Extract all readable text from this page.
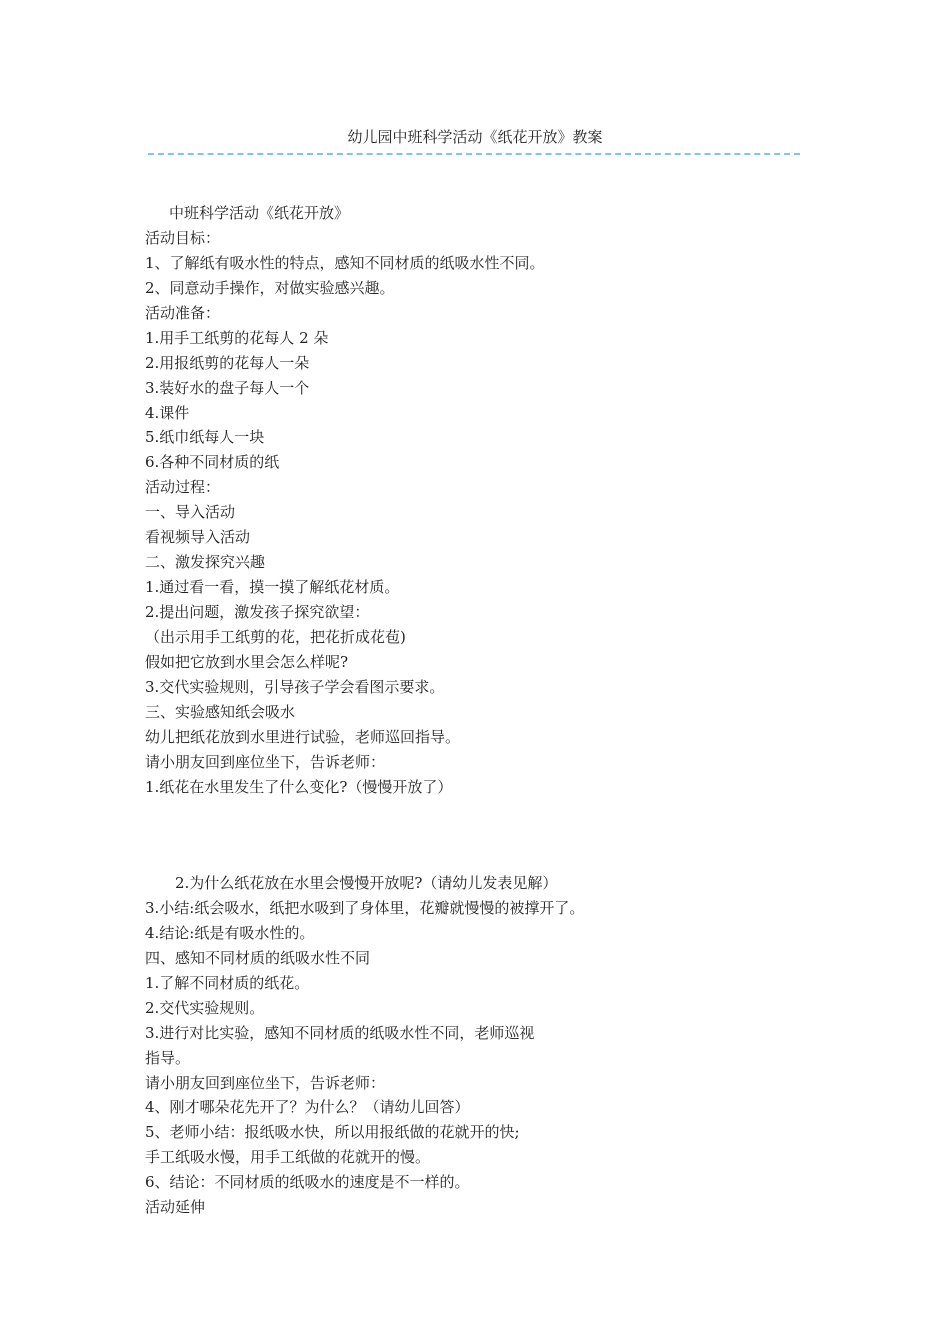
幼儿园中班科学活动《纸花开放》教案
中班科学活动《纸花开放》
活动目标：
1、了解纸有吸水性的特点，感知不同材质的纸吸水性不同。
2、同意动手操作，对做实验感兴趣。
活动准备：
1.用手工纸剪的花每人 2 朵
2.用报纸剪的花每人一朵
3.装好水的盘子每人一个
4.课件
5.纸巾纸每人一块
6.各种不同材质的纸
活动过程：
一、导入活动
看视频导入活动
二、激发探究兴趣
1.通过看一看，摸一摸了解纸花材质。
2.提出问题，激发孩子探究欲望：
（出示用手工纸剪的花，把花折成花苞)
假如把它放到水里会怎么样呢?
3.交代实验规则，引导孩子学会看图示要求。
三、实验感知纸会吸水
幼儿把纸花放到水里进行试验，老师巡回指导。
请小朋友回到座位坐下，告诉老师：
1.纸花在水里发生了什么变化?（慢慢开放了）
2.为什么纸花放在水里会慢慢开放呢?（请幼儿发表见解）
3.小结:纸会吸水，纸把水吸到了身体里，花瓣就慢慢的被撑开了。
4.结论:纸是有吸水性的。
四、感知不同材质的纸吸水性不同
1.了解不同材质的纸花。
2.交代实验规则。
3.进行对比实验，感知不同材质的纸吸水性不同，老师巡视
指导。
请小朋友回到座位坐下，告诉老师：
4、刚才哪朵花先开了？为什么？（请幼儿回答）
5、老师小结：报纸吸水快，所以用报纸做的花就开的快;
手工纸吸水慢，用手工纸做的花就开的慢。
6、结论：不同材质的纸吸水的速度是不一样的。
活动延伸
